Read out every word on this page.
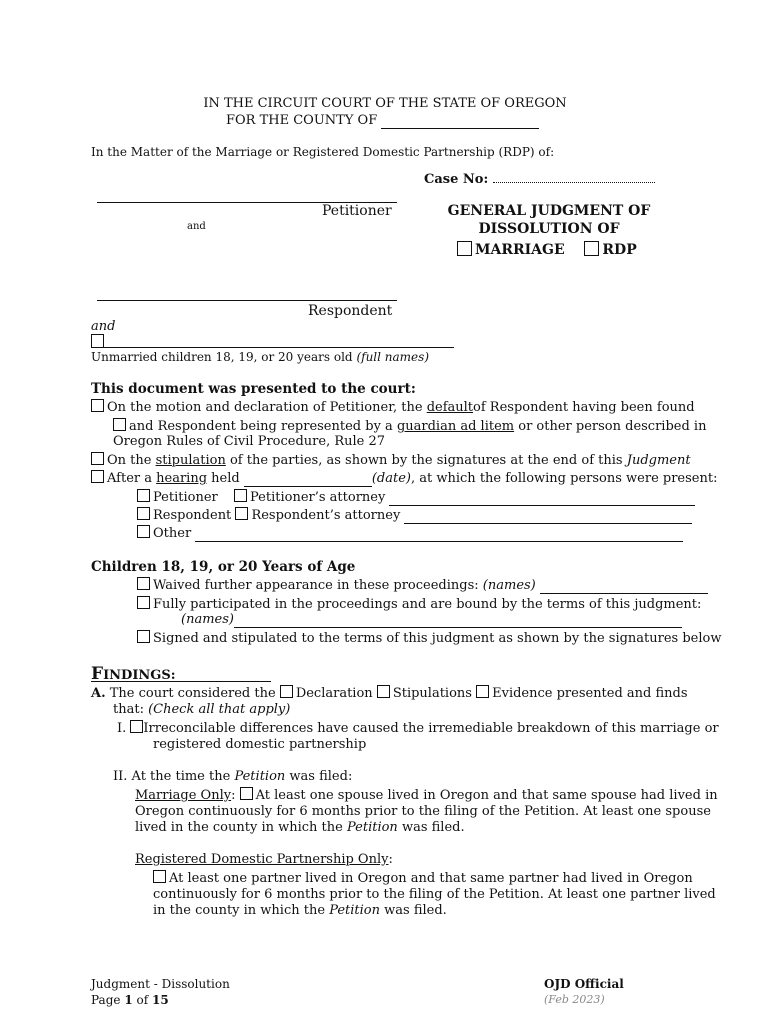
IN THE CIRCUIT COURT OF THE STATE OF OREGON
FOR THE COUNTY OF
In the Matter of the Marriage or Registered Domestic Partnership (RDP) of:
Case No:
Petitioner
and
GENERAL JUDGMENT OF
DISSOLUTION OF
MARRIAGE	RDP
Respondent
and
Unmarried children 18, 19, or 20 years old (full names)
This document was presented to the court:
On the motion and declaration of Petitioner, the defaultof Respondent having been found
and Respondent being represented by a guardian ad litem or other person described in
Oregon Rules of Civil Procedure, Rule 27
On the stipulation of the parties, as shown by the signatures at the end of this Judgment
After a hearing held	(date), at which the following persons were present:
Petitioner Petitioner’s attorney
Respondent Respondent’s attorney
Other
Children 18, 19, or 20 Years of Age
Waived further appearance in these proceedings: (names)
Fully participated in the proceedings and are bound by the terms of this judgment:
(names)
Signed and stipulated to the terms of this judgment as shown by the signatures below
FINDINGS:
A. The court considered the Declaration Stipulations Evidence presented and finds
that: (Check all that apply)
I. Irreconcilable differences have caused the irremediable breakdown of this marriage or
registered domestic partnership
II. At the time the Petition was filed:
Marriage Only: At least one spouse lived in Oregon and that same spouse had lived in
Oregon continuously for 6 months prior to the filing of the Petition. At least one spouse
lived in the county in which the Petition was filed.
Registered Domestic Partnership Only:
At least one partner lived in Oregon and that same partner had lived in Oregon
continuously for 6 months prior to the filing of the Petition. At least one partner lived
in the county in which the Petition was filed.
Judgment - Dissolution
Page 1 of 15
OJD Official
(Feb 2023)
